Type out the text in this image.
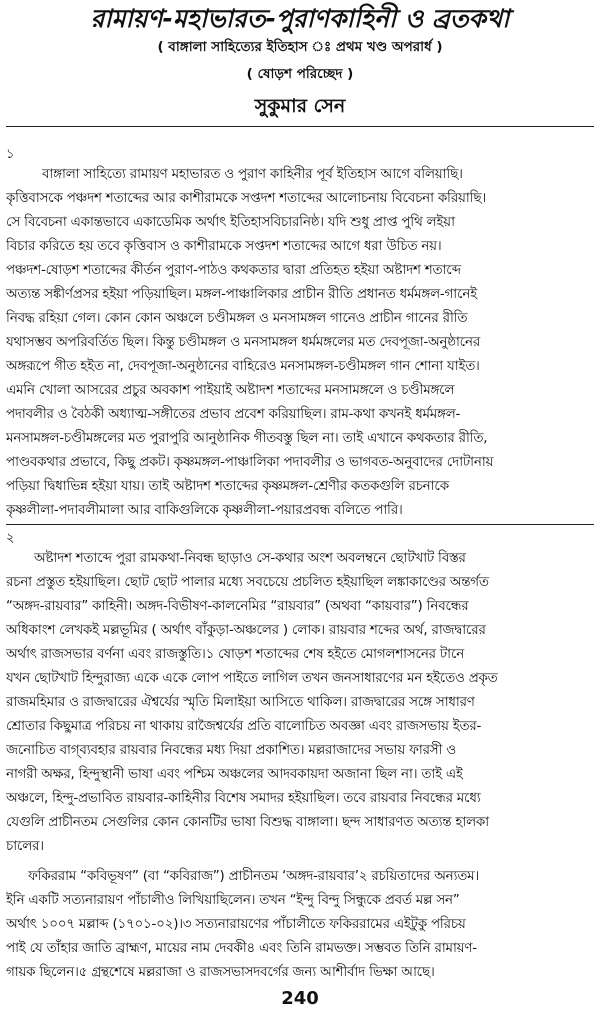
রামায়ণ-মহাভারত-পুরাণকাহিনী ও ব্রতকথা
( বাঙ্গালা সাহিত্যের ইতিহাস ঃ প্রথম খণ্ড অপরার্ধ )
( ষোড়শ পরিচ্ছেদ )
সুকুমার সেন
১
বাঙ্গালা সাহিত্যে রামায়ণ মহাভারত ও পুরাণ কাহিনীর পূর্ব ইতিহাস আগে বলিয়াছি।
কৃত্তিবাসকে পঞ্চদশ শতাব্দের আর কাশীরামকে সপ্তদশ শতাব্দের আলোচনায় বিবেচনা করিয়াছি।
সে বিবেচনা একান্তভাবে একাডেমিক অর্থাৎ ইতিহাসবিচারনিষ্ঠ। যদি শুধু প্রাপ্ত পুথি লইয়া
বিচার করিতে হয় তবে কৃত্তিবাস ও কাশীরামকে সপ্তদশ শতাব্দের আগে ধরা উচিত নয়।
পঞ্চদশ-ষোড়শ শতাব্দের কীর্তন পুরাণ-পাঠও কথকতার দ্বারা প্রতিহত হইয়া অষ্টাদশ শতাব্দে
অত্যন্ত সঙ্কীর্ণপ্রসর হইয়া পড়িয়াছিল। মঙ্গল-পাঞ্চালিকার প্রাচীন রীতি প্রধানত ধর্মমঙ্গল-গানেই
নিবদ্ধ রহিয়া গেল। কোন কোন অঞ্চলে চণ্ডীমঙ্গল ও মনসামঙ্গল গানেও প্রাচীন গানের রীতি
যথাসম্ভব অপরিবর্তিত ছিল। কিন্তু চণ্ডীমঙ্গল ও মনসামঙ্গল ধর্মমঙ্গলের মত দেবপূজা-অনুষ্ঠানের
অঙ্গরূপে গীত হইত না, দেবপূজা-অনুষ্ঠানের বাহিরেও মনসামঙ্গল-চণ্ডীমঙ্গল গান শোনা যাইত।
এমনি খোলা আসরের প্রচুর অবকাশ পাইয়াই অষ্টাদশ শতাব্দের মনসামঙ্গলে ও চণ্ডীমঙ্গলে
পদাবলীর ও বৈঠকী অধ্যাত্ম-সঙ্গীতের প্রভাব প্রবেশ করিয়াছিল। রাম-কথা কখনই ধর্মমঙ্গল-
মনসামঙ্গল-চণ্ডীমঙ্গলের মত পুরাপুরি আনুষ্ঠানিক গীতবস্তু ছিল না। তাই এখানে কথকতার রীতি,
পাণ্ডবকথার প্রভাবে, কিছু প্রকট। কৃষ্ণমঙ্গল-পাঞ্চালিকা পদাবলীর ও ভাগবত-অনুবাদের দোটানায়
পড়িয়া দ্বিধাভিন্ন হইয়া যায়। তাই অষ্টাদশ শতাব্দের কৃষ্ণমঙ্গল-শ্রেণীর কতকগুলি রচনাকে
কৃষ্ণলীলা-পদাবলীমালা আর বাকিগুলিকে কৃষ্ণলীলা-পয়ারপ্রবন্ধ বলিতে পারি।
২
অষ্টাদশ শতাব্দে পুরা রামকথা-নিবন্ধ ছাড়াও সে-কথার অংশ অবলম্বনে ছোটখাট বিস্তর
রচনা প্রস্তুত হইয়াছিল। ছোট ছোট পালার মধ্যে সবচেয়ে প্রচলিত হইয়াছিল লঙ্কাকাণ্ডের অন্তর্গত
“অঙ্গদ-রায়বার” কাহিনী। অঙ্গদ-বিভীষণ-কালনেমির “রায়বার” (অথবা “কায়বার”) নিবন্ধের
অধিকাংশ লেখকই মল্লভূমির ( অর্থাৎ বাঁকুড়া-অঞ্চলের ) লোক। রায়বার শব্দের অর্থ, রাজদ্বারের
অর্থাৎ রাজসভার বর্ণনা এবং রাজস্তুতি।১ ষোড়শ শতাব্দের শেষ হইতে মোগলশাসনের টানে
যখন ছোটখাট হিন্দুরাজ্য একে একে লোপ পাইতে লাগিল তখন জনসাধারণের মন হইতেও প্রকৃত
রাজমহিমার ও রাজদ্বারের ঐশ্বর্যের স্মৃতি মিলাইয়া আসিতে থাকিল। রাজদ্বারের সঙ্গে সাধারণ
শ্রোতার কিছুমাত্র পরিচয় না থাকায় রাজৈশ্বর্যের প্রতি বালোচিত অবজ্ঞা এবং রাজসভায় ইতর-
জনোচিত বাগ্‌ব্যবহার রায়বার নিবন্ধের মধ্য দিয়া প্রকাশিত। মল্লরাজাদের সভায় ফারসী ও
নাগরী অক্ষর, হিন্দুস্থানী ভাষা এবং পশ্চিম অঞ্চলের আদবকায়দা অজানা ছিল না। তাই এই
অঞ্চলে, হিন্দু-প্রভাবিত রায়বার-কাহিনীর বিশেষ সমাদর হইয়াছিল। তবে রায়বার নিবন্ধের মধ্যে
যেগুলি প্রাচীনতম সেগুলির কোন কোনটির ভাষা বিশুদ্ধ বাঙ্গালা। ছন্দ সাধারণত অত্যন্ত হালকা
চালের।
ফকিররাম “কবিভূষণ” (বা “কবিরাজ”) প্রাচীনতম ‘অঙ্গদ-রায়বার’২ রচয়িতাদের অন্যতম।
ইনি একটি সত্যনারায়ণ পাঁচালীও লিখিয়াছিলেন। তখন “ইন্দু বিন্দু সিন্ধুকে প্রবর্ত মল্ল সন”
অর্থাৎ ১০০৭ মল্লাব্দ (১৭০১-০২)।৩ সত্যনারায়ণের পাঁচালীতে ফকিররামের এইটুকু পরিচয়
পাই যে তাঁহার জাতি ব্রাহ্মণ, মায়ের নাম দেবকী৪ এবং তিনি রামভক্ত। সম্ভবত তিনি রামায়ণ-
গায়ক ছিলেন।৫ গ্রন্থশেষে মল্লরাজা ও রাজসভাসদবর্গের জন্য আশীর্বাদ ভিক্ষা আছে।
240
